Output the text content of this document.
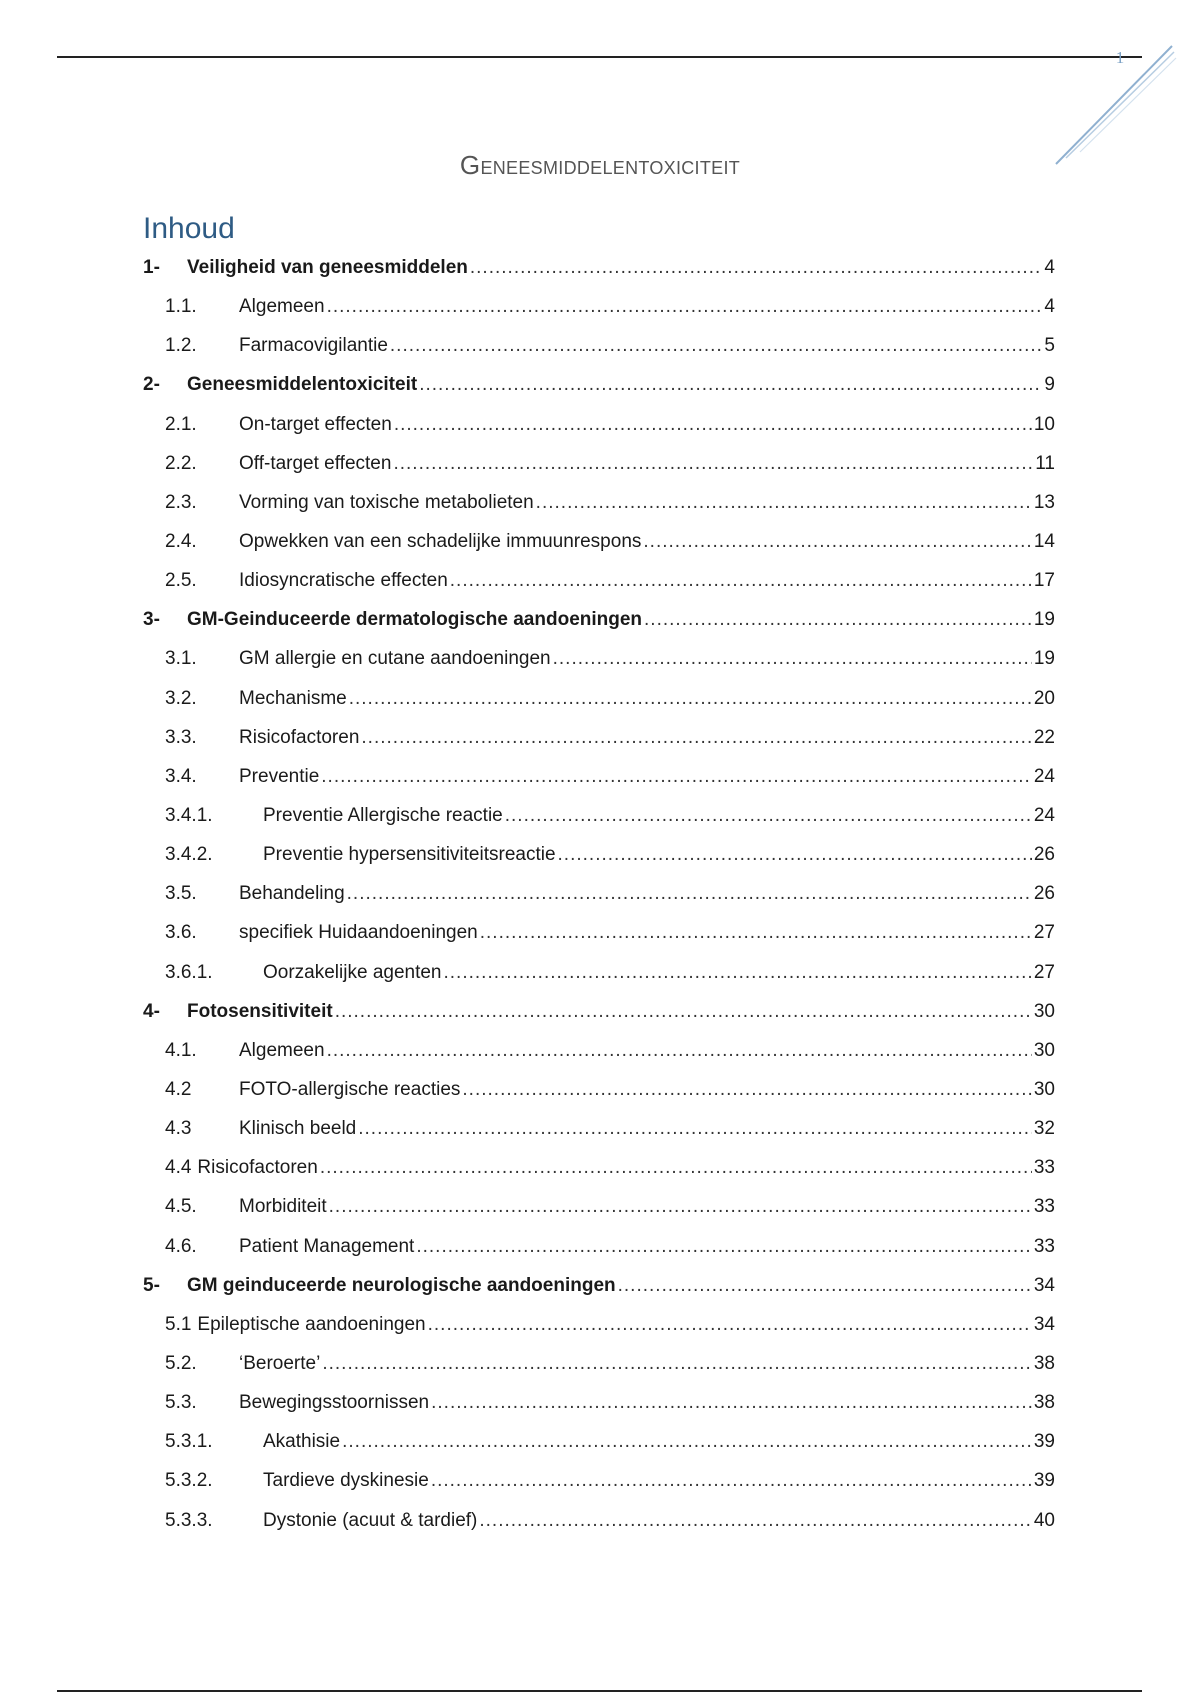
1
Geneesmiddelentoxiciteit
Inhoud
1-	Veiligheid van geneesmiddelen .....	4
1.1.	Algemeen .....	4
1.2.	Farmacovigilantie .....	5
2-	Geneesmiddelentoxiciteit .....	9
2.1.	On-target effecten .....	10
2.2.	Off-target effecten .....	11
2.3.	Vorming van toxische metabolieten .....	13
2.4.	Opwekken van een schadelijke immuunrespons .....	14
2.5.	Idiosyncratische effecten .....	17
3-	GM-Geinduceerde dermatologische aandoeningen .....	19
3.1.	GM allergie en cutane aandoeningen .....	19
3.2.	Mechanisme .....	20
3.3.	Risicofactoren .....	22
3.4.	Preventie .....	24
3.4.1.	Preventie Allergische reactie .....	24
3.4.2.	Preventie hypersensitiviteitsreactie .....	26
3.5.	Behandeling .....	26
3.6.	specifiek Huidaandoeningen .....	27
3.6.1.	Oorzakelijke agenten .....	27
4-	Fotosensitiviteit .....	30
4.1.	Algemeen .....	30
4.2	FOTO-allergische reacties .....	30
4.3	Klinisch beeld .....	32
4.4 Risicofactoren .....	33
4.5.	Morbiditeit .....	33
4.6.	Patient Management .....	33
5-	GM geinduceerde neurologische aandoeningen .....	34
5.1 Epileptische aandoeningen .....	34
5.2.	‘Beroerte’ .....	38
5.3.	Bewegingsstoornissen .....	38
5.3.1.	Akathisie .....	39
5.3.2.	Tardieve dyskinesie .....	39
5.3.3.	Dystonie (acuut & tardief) .....	40
